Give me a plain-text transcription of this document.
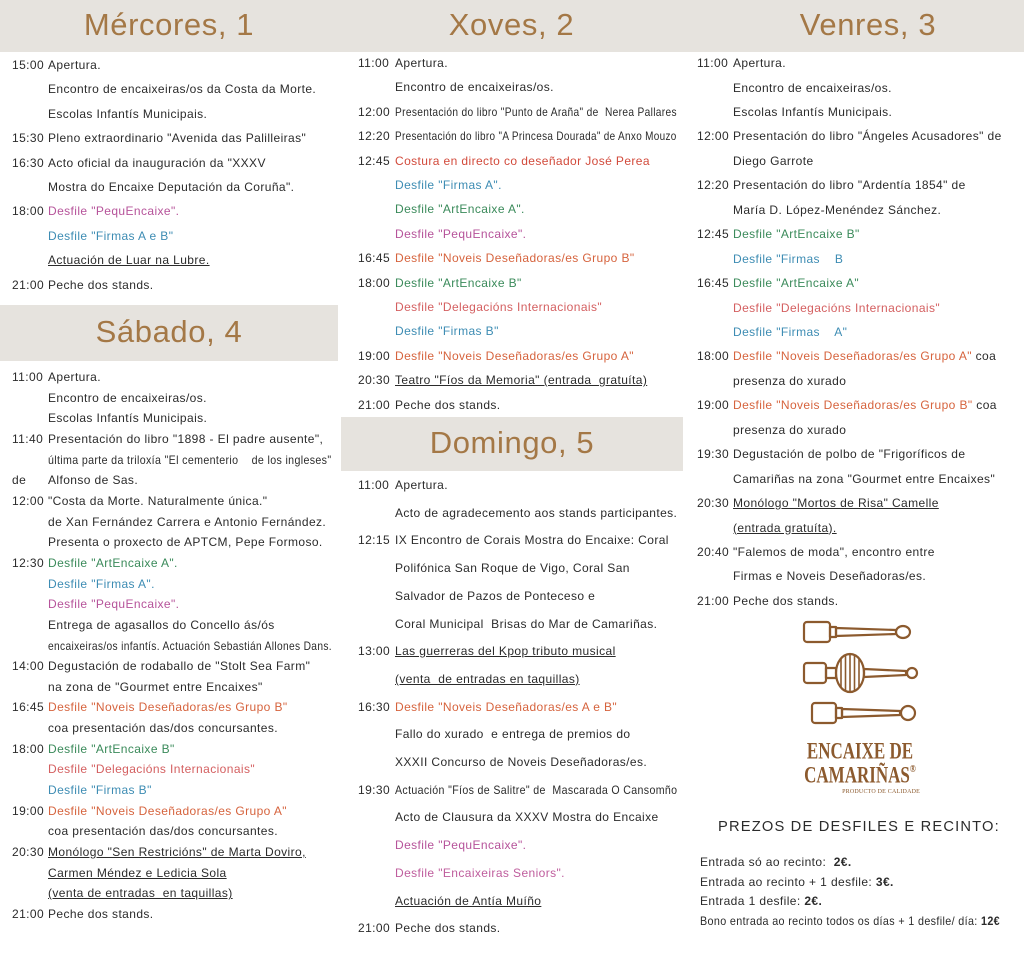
Mércores, 1	Xoves, 2	Venres, 3
Sábado, 4
Domingo, 5
15:00 Apertura.
Encontro de encaixeiras/os da Costa da Morte.
Escolas Infantís Municipais.
15:30 Pleno extraordinario "Avenida das Palilleiras"
16:30 Acto oficial da inauguración da "XXXV
Mostra do Encaixe Deputación da Coruña".
18:00 Desfile "PequEncaixe".
Desfile "Firmas A e B"
Actuación de Luar na Lubre.
21:00 Peche dos stands.
11:00 Apertura.
Encontro de encaixeiras/os.
12:00 Presentación do libro "Punto de Araña" de  Nerea Pallares
12:20 Presentación do libro "A Princesa Dourada" de Anxo Mouzo
12:45 Costura en directo co deseñador José Perea
Desfile "Firmas A".
Desfile "ArtEncaixe A".
Desfile "PequEncaixe".
16:45 Desfile "Noveis Deseñadoras/es Grupo B"
18:00 Desfile "ArtEncaixe B"
Desfile "Delegacións Internacionais"
Desfile "Firmas B"
19:00 Desfile "Noveis Deseñadoras/es Grupo A"
20:30 Teatro "Fíos da Memoria" (entrada  gratuíta)
21:00 Peche dos stands.
11:00 Apertura.
Encontro de encaixeiras/os.
Escolas Infantís Municipais.
12:00 Presentación do libro "Ángeles Acusadores" de
Diego Garrote
12:20 Presentación do libro "Ardentía 1854" de
María D. López-Menéndez Sánchez.
12:45 Desfile "ArtEncaixe B"
Desfile "Firmas    B
16:45 Desfile "ArtEncaixe A"
Desfile "Delegacións Internacionais"
Desfile "Firmas    A"
18:00 Desfile "Noveis Deseñadoras/es Grupo A" coa
presenza do xurado
19:00 Desfile "Noveis Deseñadoras/es Grupo B" coa
presenza do xurado
19:30 Degustación de polbo de "Frigoríficos de
Camariñas na zona "Gourmet entre Encaixes"
20:30 Monólogo "Mortos de Risa" Camelle
(entrada gratuíta).
20:40 "Falemos de moda", encontro entre
Firmas e Noveis Deseñadoras/es.
21:00 Peche dos stands.
11:00 Apertura.
Encontro de encaixeiras/os.
Escolas Infantís Municipais.
11:40 Presentación do libro "1898 - El padre ausente",
última parte da triloxía "El cementerio    de los ingleses"
de Alfonso de Sas.
12:00 "Costa da Morte. Naturalmente única."
de Xan Fernández Carrera e Antonio Fernández.
Presenta o proxecto de APTCM, Pepe Formoso.
12:30 Desfile "ArtEncaixe A".
Desfile "Firmas A".
Desfile "PequEncaixe".
Entrega de agasallos do Concello ás/ós
encaixeiras/os infantís. Actuación Sebastián Allones Dans.
14:00 Degustación de rodaballo de "Stolt Sea Farm"
na zona de "Gourmet entre Encaixes"
16:45 Desfile "Noveis Deseñadoras/es Grupo B"
coa presentación das/dos concursantes.
18:00 Desfile "ArtEncaixe B"
Desfile "Delegacións Internacionais"
Desfile "Firmas B"
19:00 Desfile "Noveis Deseñadoras/es Grupo A"
coa presentación das/dos concursantes.
20:30 Monólogo "Sen Restricións" de Marta Doviro,
Carmen Méndez e Ledicia Sola
(venta de entradas  en taquillas)
21:00 Peche dos stands.
11:00 Apertura.
Acto de agradecemento aos stands participantes.
12:15 IX Encontro de Corais Mostra do Encaixe: Coral
Polifónica San Roque de Vigo, Coral San
Salvador de Pazos de Ponteceso e
Coral Municipal  Brisas do Mar de Camariñas.
13:00 Las guerreras del Kpop tributo musical
(venta  de entradas en taquillas)
16:30 Desfile "Noveis Deseñadoras/es A e B"
Fallo do xurado  e entrega de premios do
XXXII Concurso de Noveis Deseñadoras/es.
19:30 Actuación "Fíos de Salitre" de  Mascarada O Cansomño
Acto de Clausura da XXXV Mostra do Encaixe
Desfile "PequEncaixe".
Desfile "Encaixeiras Seniors".
Actuación de Antía Muíño
21:00 Peche dos stands.
ENCAIXE DE
CAMARIÑAS®
PRODUCTO DE CALIDADE
PREZOS DE DESFILES E RECINTO:
Entrada só ao recinto:  2€.
Entrada ao recinto + 1 desfile: 3€.
Entrada 1 desfile: 2€.
Bono entrada ao recinto todos os días + 1 desfile/ día: 12€
